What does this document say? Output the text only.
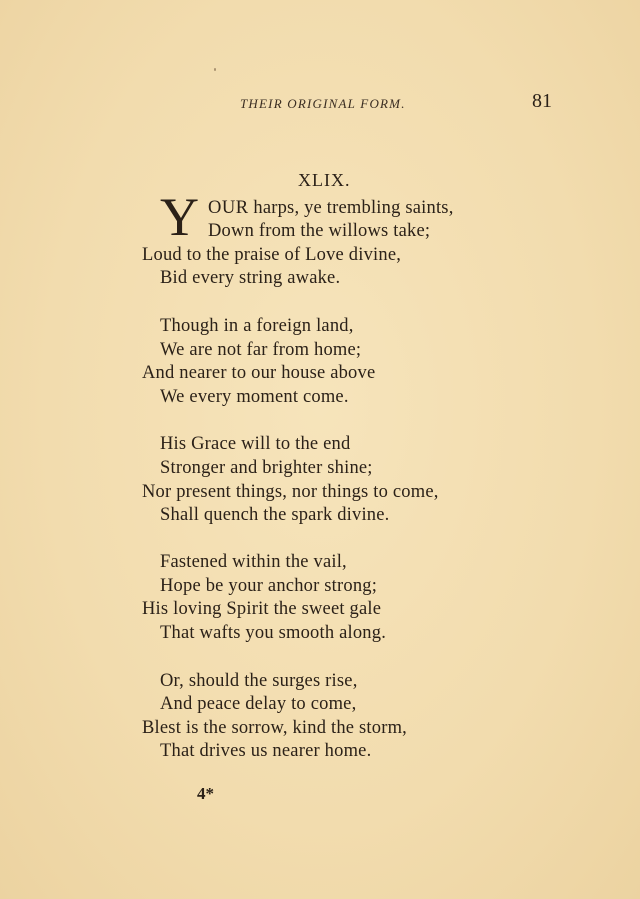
THEIR ORIGINAL FORM.	81
XLIX.
Y OUR harps, ye trembling saints,
Down from the willows take;
Loud to the praise of Love divine,
Bid every string awake.
Though in a foreign land,
We are not far from home;
And nearer to our house above
We every moment come.
His Grace will to the end
Stronger and brighter shine;
Nor present things, nor things to come,
Shall quench the spark divine.
Fastened within the vail,
Hope be your anchor strong;
His loving Spirit the sweet gale
That wafts you smooth along.
Or, should the surges rise,
And peace delay to come,
Blest is the sorrow, kind the storm,
That drives us nearer home.
4*
